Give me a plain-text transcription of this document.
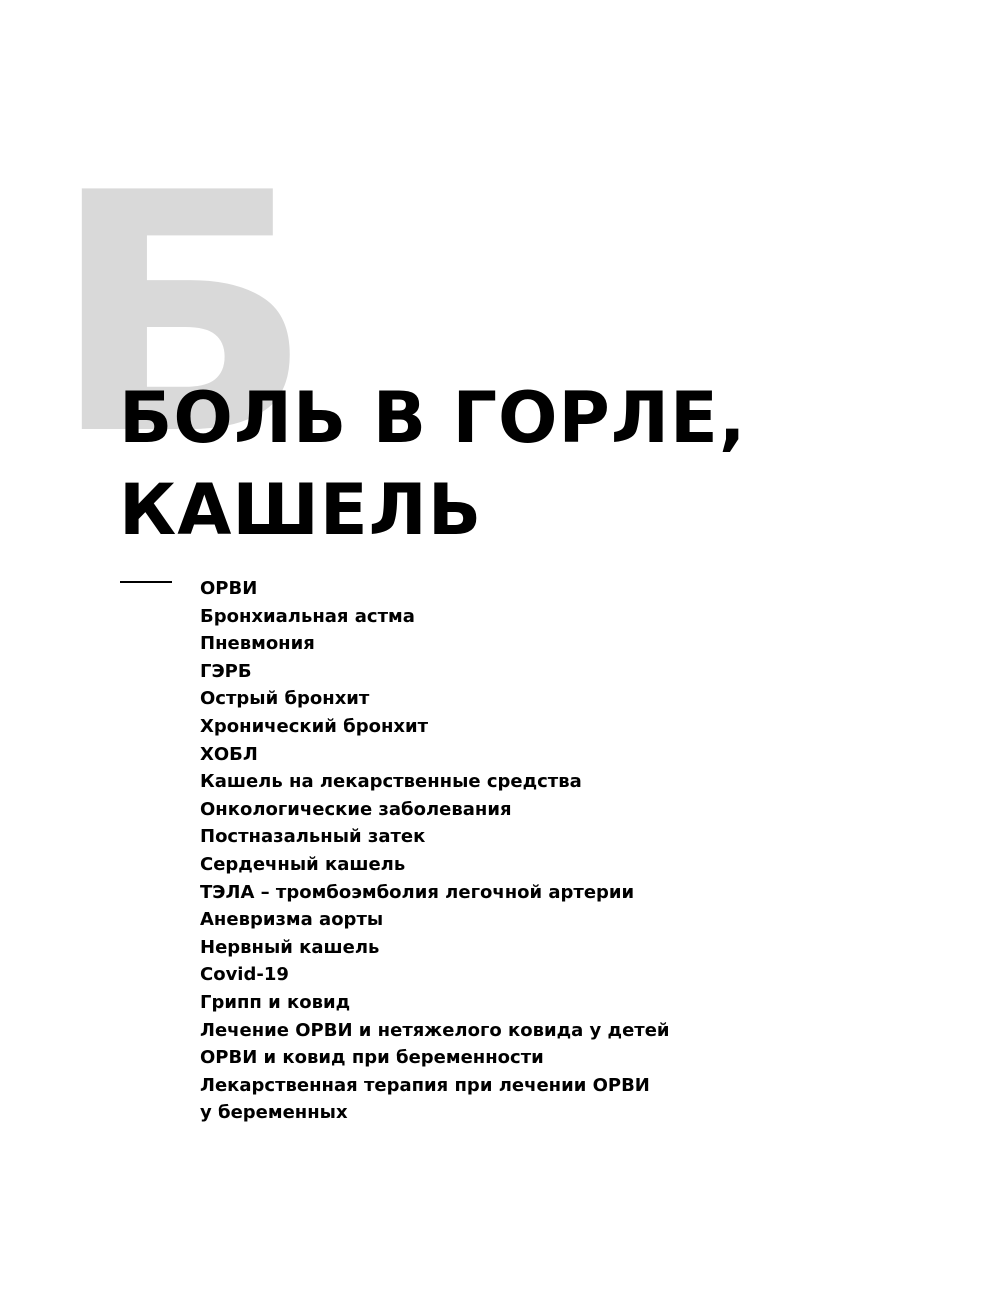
Б
БОЛЬ В ГОРЛЕ,
КАШЕЛЬ
ОРВИ
Бронхиальная астма
Пневмония
ГЭРБ
Острый бронхит
Хронический бронхит
ХОБЛ
Кашель на лекарственные средства
Онкологические заболевания
Постназальный затек
Сердечный кашель
ТЭЛА – тромбоэмболия легочной артерии
Аневризма аорты
Нервный кашель
Covid-19
Грипп и ковид
Лечение ОРВИ и нетяжелого ковида у детей
ОРВИ и ковид при беременности
Лекарственная терапия при лечении ОРВИ у беременных
